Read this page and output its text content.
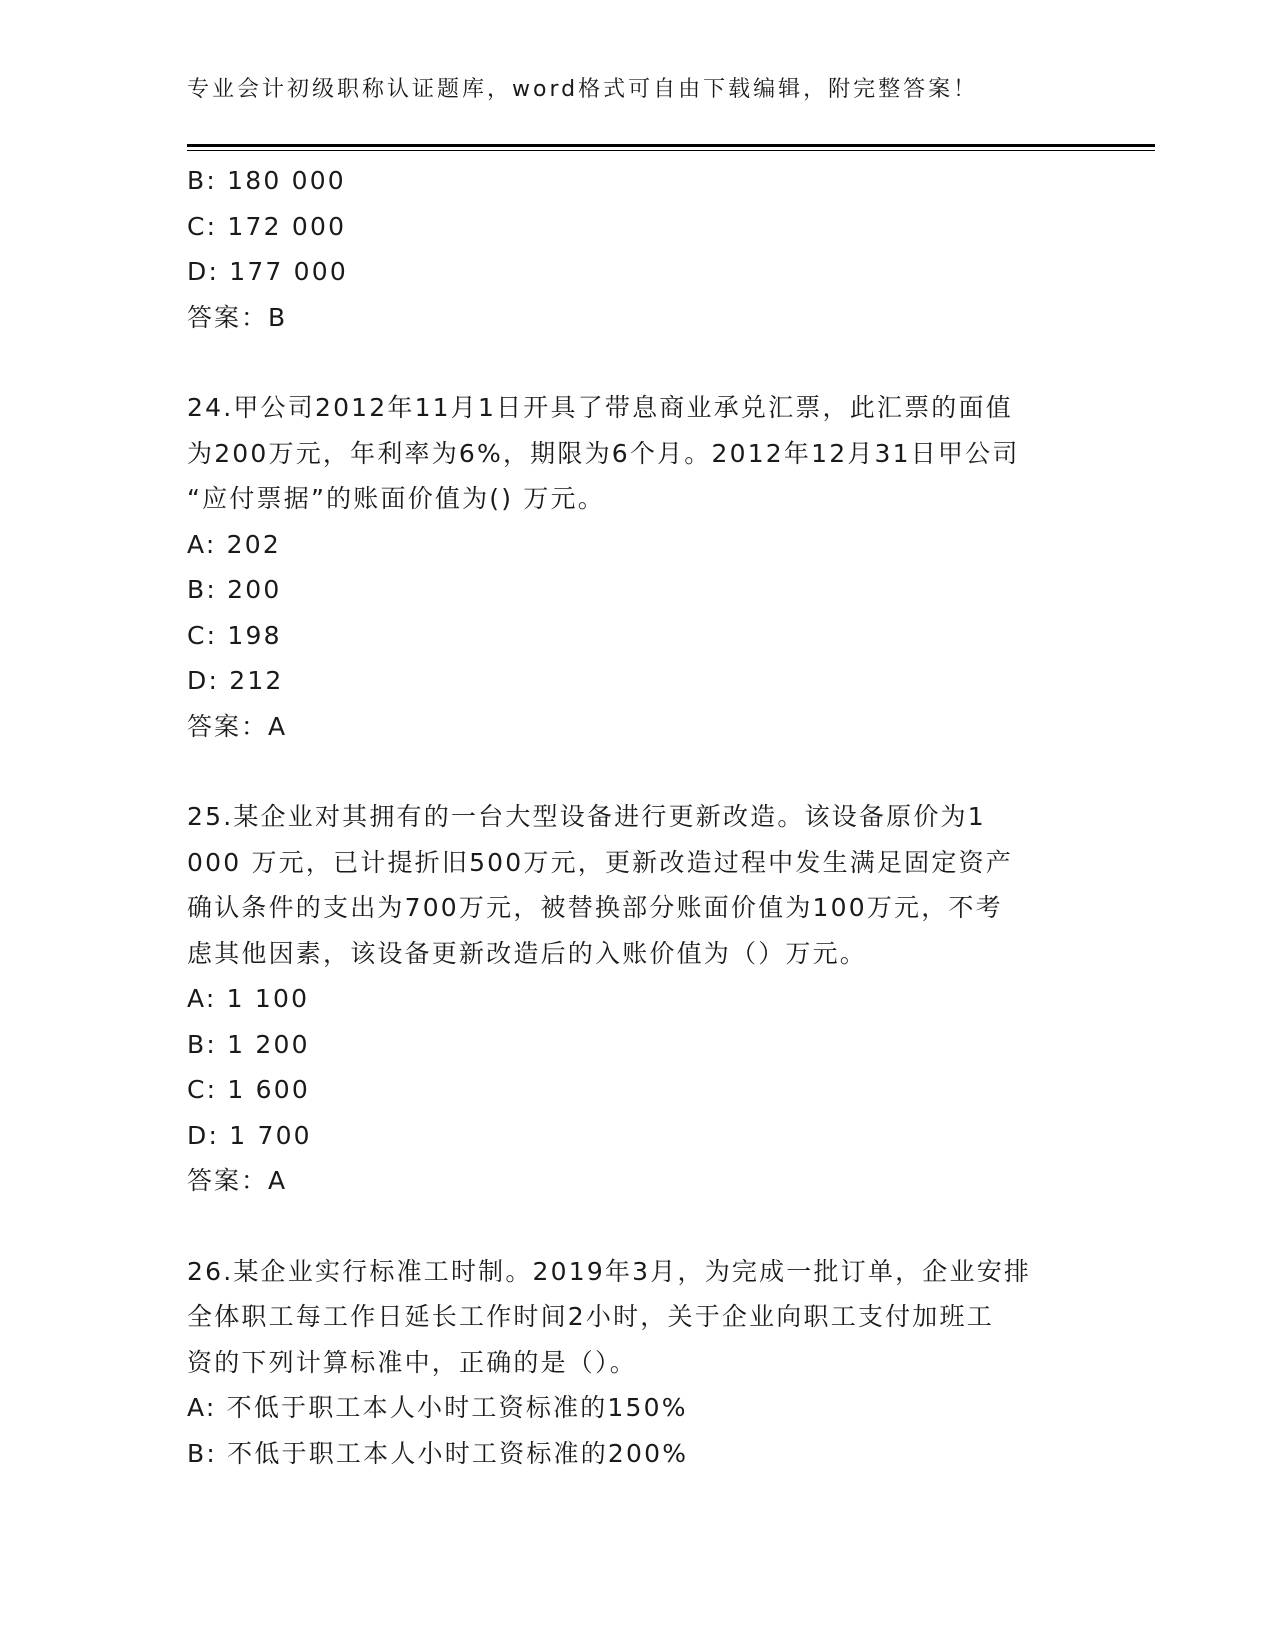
专业会计初级职称认证题库，word格式可自由下载编辑，附完整答案！
B: 180 000
C: 172 000
D: 177 000
答案：B
24.甲公司2012年11月1日开具了带息商业承兑汇票，此汇票的面值
为200万元，年利率为6%，期限为6个月。2012年12月31日甲公司
“应付票据”的账面价值为() 万元。
A: 202
B: 200
C: 198
D: 212
答案：A
25.某企业对其拥有的一台大型设备进行更新改造。该设备原价为1
000 万元，已计提折旧500万元，更新改造过程中发生满足固定资产
确认条件的支出为700万元，被替换部分账面价值为100万元，不考
虑其他因素，该设备更新改造后的入账价值为（）万元。
A: 1 100
B: 1 200
C: 1 600
D: 1 700
答案：A
26.某企业实行标准工时制。2019年3月，为完成一批订单，企业安排
全体职工每工作日延长工作时间2小时，关于企业向职工支付加班工
资的下列计算标准中，正确的是（）。
A: 不低于职工本人小时工资标准的150%
B: 不低于职工本人小时工资标准的200%
